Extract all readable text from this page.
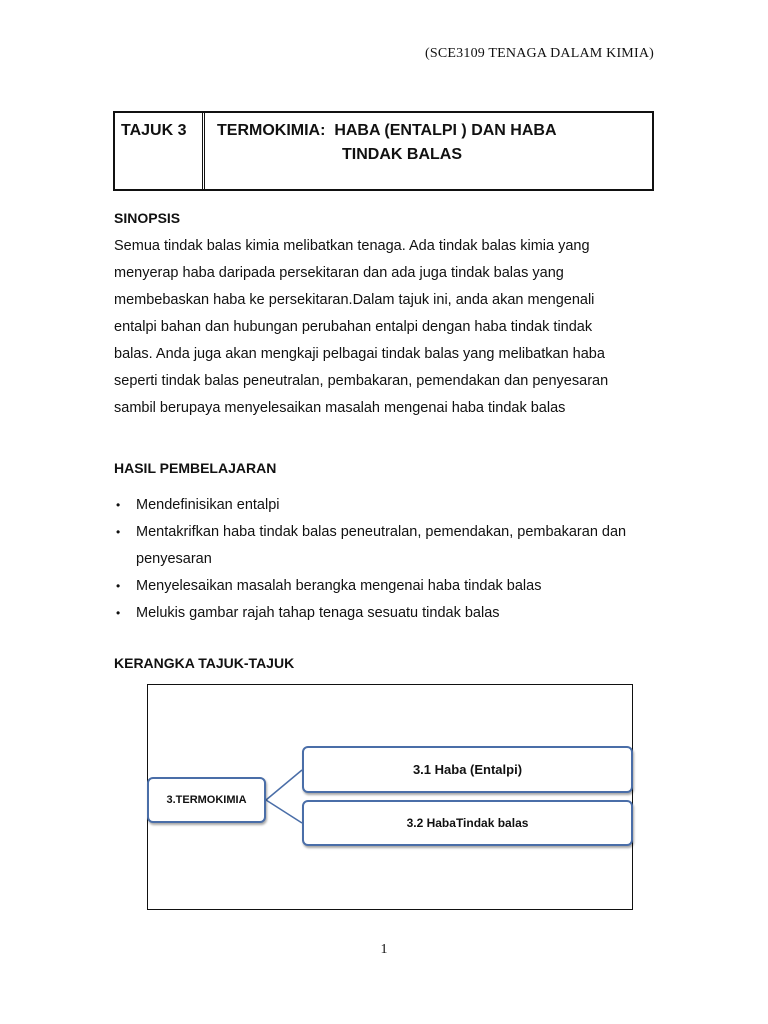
(SCE3109 TENAGA DALAM KIMIA)
TAJUK 3 TERMOKIMIA:  HABA (ENTALPI ) DAN HABA
TINDAK BALAS
SINOPSIS
Semua tindak balas kimia melibatkan tenaga. Ada tindak balas kimia yang
menyerap haba daripada persekitaran dan ada juga tindak balas yang
membebaskan haba ke persekitaran.Dalam tajuk ini, anda akan mengenali
entalpi bahan dan hubungan perubahan entalpi dengan haba tindak tindak
balas. Anda juga akan mengkaji pelbagai tindak balas yang melibatkan haba
seperti tindak balas peneutralan, pembakaran, pemendakan dan penyesaran
sambil berupaya menyelesaikan masalah mengenai haba tindak balas
HASIL PEMBELAJARAN
• Mendefinisikan entalpi
• Mentakrifkan haba tindak balas peneutralan, pemendakan, pembakaran dan
penyesaran
• Menyelesaikan masalah berangka mengenai haba tindak balas
• Melukis gambar rajah tahap tenaga sesuatu tindak balas
KERANGKA TAJUK-TAJUK
3.TERMOKIMIA
3.1 Haba (Entalpi)
3.2 HabaTindak balas
1
